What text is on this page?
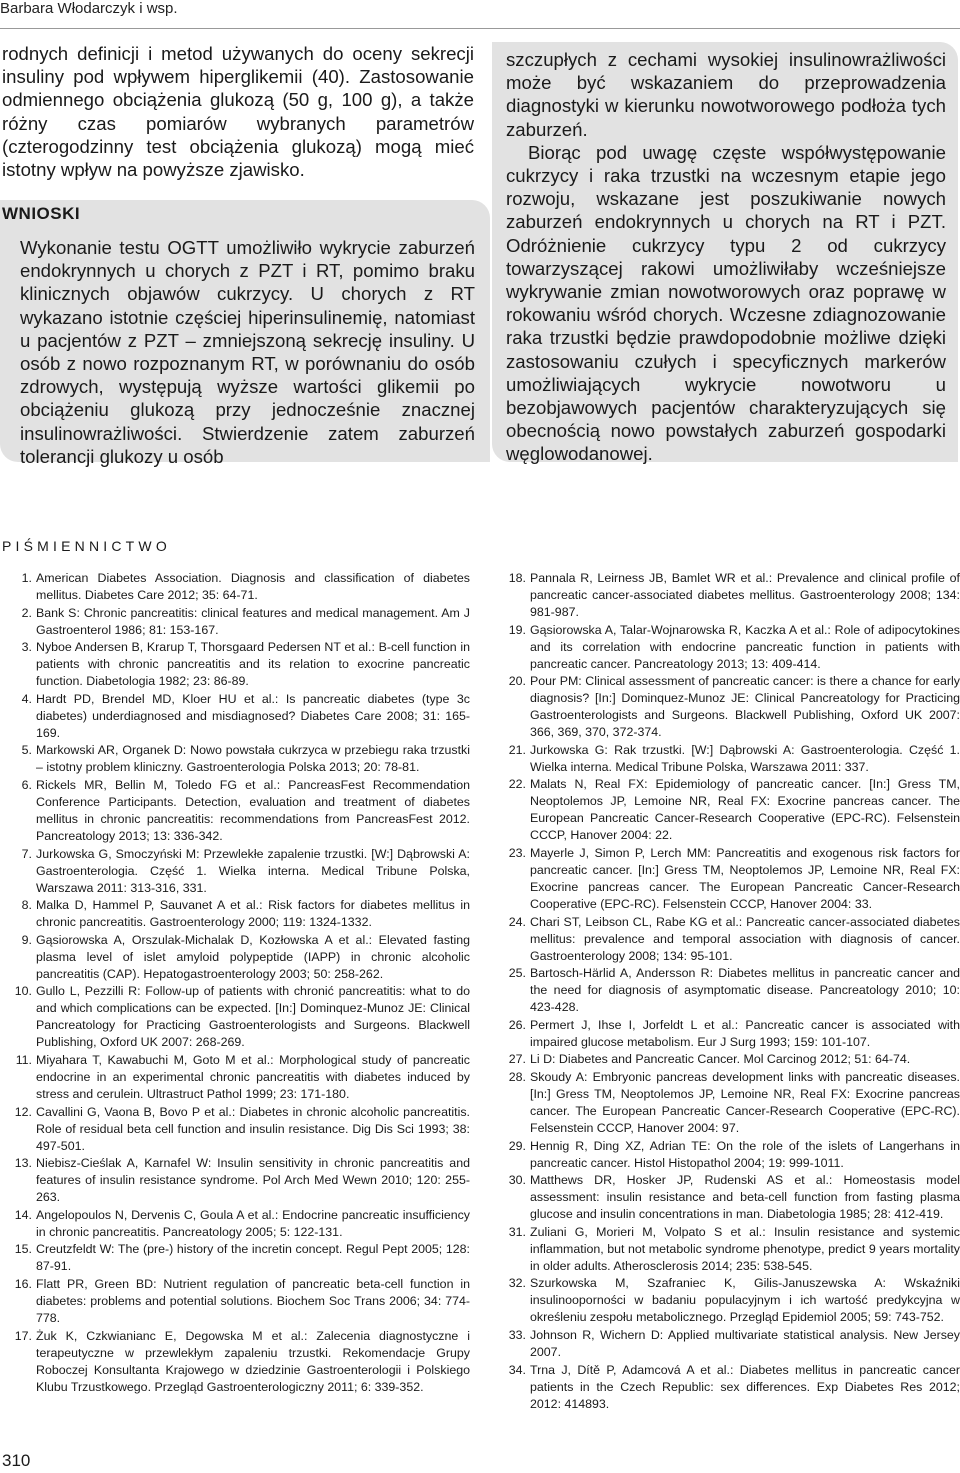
Barbara Włodarczyk i wsp.

rodnych definicji i metod używanych do oceny sekrecji insuliny pod wpływem hiperglikemii (40). Zastosowanie odmiennego obciążenia glukozą (50 g, 100 g), a także różny czas pomiarów wybranych parametrów (czterogodzinny test obciążenia glukozą) mogą mieć istotny wpływ na powyższe zjawisko.

WNIOSKI

Wykonanie testu OGTT umożliwiło wykrycie zaburzeń endokrynnych u chorych z PZT i RT, pomimo braku klinicznych objawów cukrzycy. U chorych z RT wykazano istotnie częściej hiperinsulinemię, natomiast u pacjentów z PZT – zmniejszoną sekrecję insuliny. U osób z nowo rozpoznanym RT, w porównaniu do osób zdrowych, występują wyższe wartości glikemii po obciążeniu glukozą przy jednocześnie znacznej insulinowrażliwości. Stwierdzenie zatem zaburzeń tolerancji glukozy u osób

szczupłych z cechami wysokiej insulinowrażliwości może być wskazaniem do przeprowadzenia diagnostyki w kierunku nowotworowego podłoża tych zaburzeń.

Biorąc pod uwagę częste współwystępowanie cukrzycy i raka trzustki na wczesnym etapie jego rozwoju, wskazane jest poszukiwanie nowych zaburzeń endokrynnych u chorych na RT i PZT. Odróżnienie cukrzycy typu 2 od cukrzycy towarzyszącej rakowi umożliwiłaby wcześniejsze wykrywanie zmian nowotworowych oraz poprawę w rokowaniu wśród chorych. Wczesne zdiagnozowanie raka trzustki będzie prawdopodobnie możliwe dzięki zastosowaniu czułych i specyficznych markerów umożliwiających wykrycie nowotworu u bezobjawowych pacjentów charakteryzujących się obecnością nowo powstałych zaburzeń gospodarki węglowodanowej.

PIŚMIENNICTWO
1. American Diabetes Association. Diagnosis and classification of diabetes mellitus. Diabetes Care 2012; 35: 64-71.
2. Bank S: Chronic pancreatitis: clinical features and medical management. Am J Gastroenterol 1986; 81: 153-167.
3. Nyboe Andersen B, Krarup T, Thorsgaard Pedersen NT et al.: B-cell function in patients with chronic pancreatitis and its relation to exocrine pancreatic function. Diabetologia 1982; 23: 86-89.
4. Hardt PD, Brendel MD, Kloer HU et al.: Is pancreatic diabetes (type 3c diabetes) underdiagnosed and misdiagnosed? Diabetes Care 2008; 31: 165-169.
5. Markowski AR, Organek D: Nowo powstała cukrzyca w przebiegu raka trzustki – istotny problem kliniczny. Gastroenterologia Polska 2013; 20: 78-81.
6. Rickels MR, Bellin M, Toledo FG et al.: PancreasFest Recommendation Conference Participants. Detection, evaluation and treatment of diabetes mellitus in chronic pancreatitis: recommendations from PancreasFest 2012. Pancreatology 2013; 13: 336-342.
7. Jurkowska G, Smoczyński M: Przewlekłe zapalenie trzustki. [W:] Dąbrowski A: Gastroenterologia. Część 1. Wielka interna. Medical Tribune Polska, Warszawa 2011: 313-316, 331.
8. Malka D, Hammel P, Sauvanet A et al.: Risk factors for diabetes mellitus in chronic pancreatitis. Gastroenterology 2000; 119: 1324-1332.
9. Gąsiorowska A, Orszulak-Michalak D, Kozłowska A et al.: Elevated fasting plasma level of islet amyloid polypeptide (IAPP) in chronic alcoholic pancreatitis (CAP). Hepatogastroenterology 2003; 50: 258-262.
10. Gullo L, Pezzilli R: Follow-up of patients with chronić pancreatitis: what to do and which complications can be expected. [In:] Dominquez-Munoz JE: Clinical Pancreatology for Practicing Gastroenterologists and Surgeons. Blackwell Publishing, Oxford UK 2007: 268-269.
11. Miyahara T, Kawabuchi M, Goto M et al.: Morphological study of pancreatic endocrine in an experimental chronic pancreatitis with diabetes induced by stress and cerulein. Ultrastruct Pathol 1999; 23: 171-180.
12. Cavallini G, Vaona B, Bovo P et al.: Diabetes in chronic alcoholic pancreatitis. Role of residual beta cell function and insulin resistance. Dig Dis Sci 1993; 38: 497-501.
13. Niebisz-Cieślak A, Karnafel W: Insulin sensitivity in chronic pancreatitis and features of insulin resistance syndrome. Pol Arch Med Wewn 2010; 120: 255-263.
14. Angelopoulos N, Dervenis C, Goula A et al.: Endocrine pancreatic insufficiency in chronic pancreatitis. Pancreatology 2005; 5: 122-131.
15. Creutzfeldt W: The (pre-) history of the incretin concept. Regul Pept 2005; 128: 87-91.
16. Flatt PR, Green BD: Nutrient regulation of pancreatic beta-cell function in diabetes: problems and potential solutions. Biochem Soc Trans 2006; 34: 774-778.
17. Żuk K, Czkwianianc E, Degowska M et al.: Zalecenia diagnostyczne i terapeutyczne w przewlekłym zapaleniu trzustki. Rekomendacje Grupy Roboczej Konsultanta Krajowego w dziedzinie Gastroenterologii i Polskiego Klubu Trzustkowego. Przegląd Gastroenterologiczny 2011; 6: 339-352.
18. Pannala R, Leirness JB, Bamlet WR et al.: Prevalence and clinical profile of pancreatic cancer-associated diabetes mellitus. Gastroenterology 2008; 134: 981-987.
19. Gąsiorowska A, Talar-Wojnarowska R, Kaczka A et al.: Role of adipocytokines and its correlation with endocrine pancreatic function in patients with pancreatic cancer. Pancreatology 2013; 13: 409-414.
20. Pour PM: Clinical assessment of pancreatic cancer: is there a chance for early diagnosis? [In:] Dominquez-Munoz JE: Clinical Pancreatology for Practicing Gastroenterologists and Surgeons. Blackwell Publishing, Oxford UK 2007: 366, 369, 370, 372-374.
21. Jurkowska G: Rak trzustki. [W:] Dąbrowski A: Gastroenterologia. Część 1. Wielka interna. Medical Tribune Polska, Warszawa 2011: 337.
22. Malats N, Real FX: Epidemiology of pancreatic cancer. [In:] Gress TM, Neoptolemos JP, Lemoine NR, Real FX: Exocrine pancreas cancer. The European Pancreatic Cancer-Research Cooperative (EPC-RC). Felsenstein CCCP, Hanover 2004: 22.
23. Mayerle J, Simon P, Lerch MM: Pancreatitis and exogenous risk factors for pancreatic cancer. [In:] Gress TM, Neoptolemos JP, Lemoine NR, Real FX: Exocrine pancreas cancer. The European Pancreatic Cancer-Research Cooperative (EPC-RC). Felsenstein CCCP, Hanover 2004: 33.
24. Chari ST, Leibson CL, Rabe KG et al.: Pancreatic cancer-associated diabetes mellitus: prevalence and temporal association with diagnosis of cancer. Gastroenterology 2008; 134: 95-101.
25. Bartosch-Härlid A, Andersson R: Diabetes mellitus in pancreatic cancer and the need for diagnosis of asymptomatic disease. Pancreatology 2010; 10: 423-428.
26. Permert J, Ihse I, Jorfeldt L et al.: Pancreatic cancer is associated with impaired glucose metabolism. Eur J Surg 1993; 159: 101-107.
27. Li D: Diabetes and Pancreatic Cancer. Mol Carcinog 2012; 51: 64-74.
28. Skoudy A: Embryonic pancreas development links with pancreatic diseases. [In:] Gress TM, Neoptolemos JP, Lemoine NR, Real FX: Exocrine pancreas cancer. The European Pancreatic Cancer-Research Cooperative (EPC-RC). Felsenstein CCCP, Hanover 2004: 97.
29. Hennig R, Ding XZ, Adrian TE: On the role of the islets of Langerhans in pancreatic cancer. Histol Histopathol 2004; 19: 999-1011.
30. Matthews DR, Hosker JP, Rudenski AS et al.: Homeostasis model assessment: insulin resistance and beta-cell function from fasting plasma glucose and insulin concentrations in man. Diabetologia 1985; 28: 412-419.
31. Zuliani G, Morieri M, Volpato S et al.: Insulin resistance and systemic inflammation, but not metabolic syndrome phenotype, predict 9 years mortality in older adults. Atherosclerosis 2014; 235: 538-545.
32. Szurkowska M, Szafraniec K, Gilis-Januszewska A: Wskaźniki insulinooporności w badaniu populacyjnym i ich wartość predykcyjna w określeniu zespołu metabolicznego. Przegląd Epidemiol 2005; 59: 743-752.
33. Johnson R, Wichern D: Applied multivariate statistical analysis. New Jersey 2007.
34. Trna J, Dítě P, Adamcová A et al.: Diabetes mellitus in pancreatic cancer patients in the Czech Republic: sex differences. Exp Diabetes Res 2012; 2012: 414893.
310
